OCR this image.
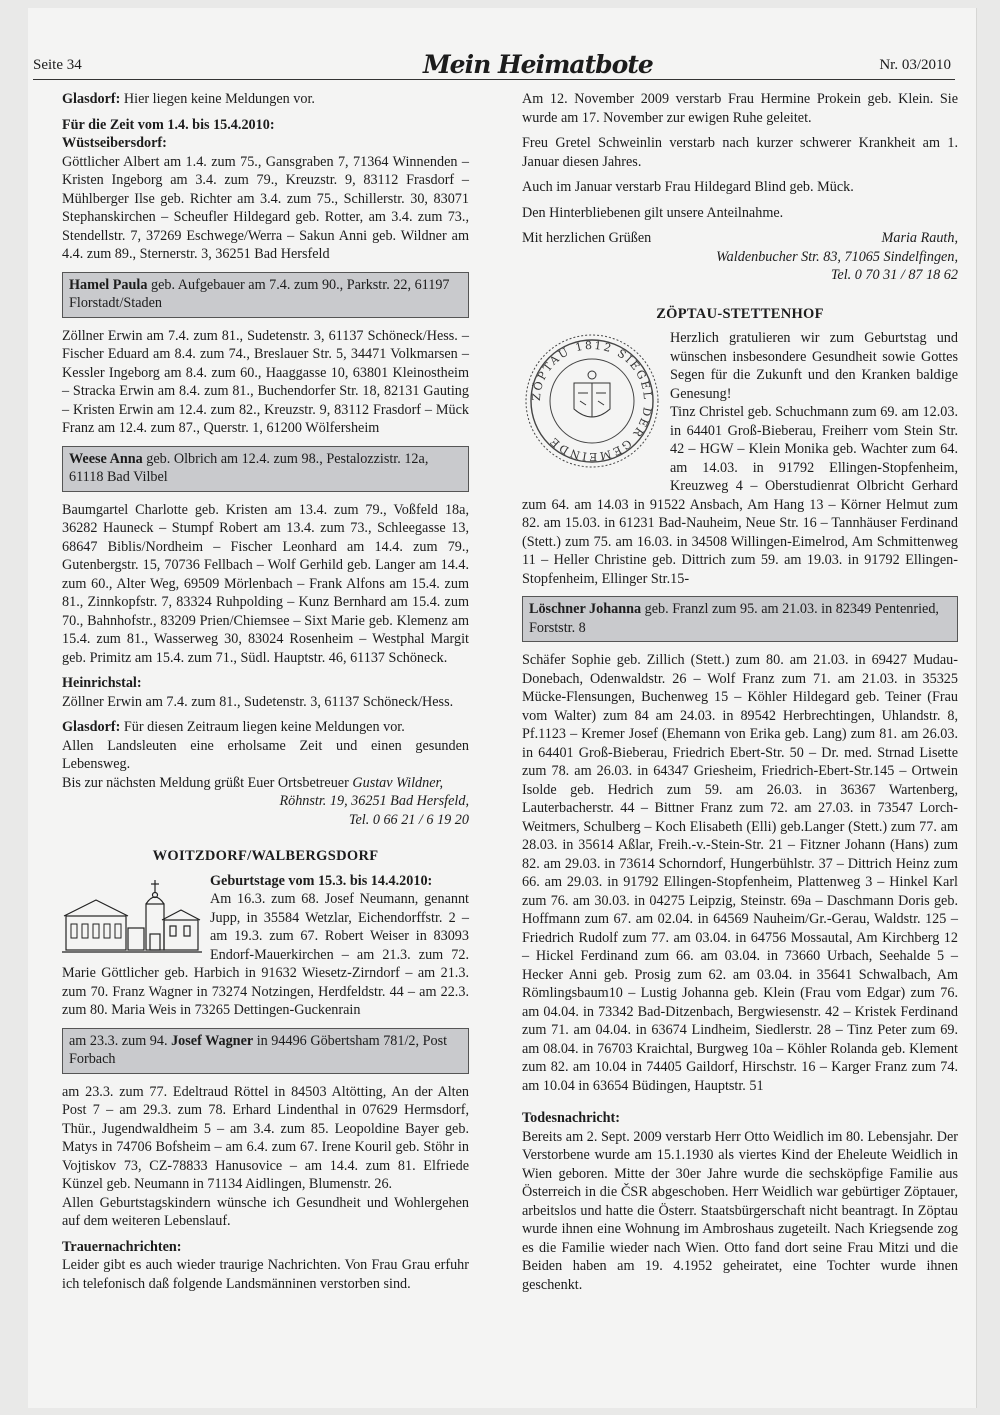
Seite 34	Mein Heimatbote	Nr. 03/2010

Glasdorf: Hier liegen keine Meldungen vor.

Für die Zeit vom 1.4. bis 15.4.2010:

Wüstseibersdorf:

Göttlicher Albert am 1.4. zum 75., Gansgraben 7, 71364 Winnenden – Kristen Ingeborg am 3.4. zum 79., Kreuzstr. 9, 83112 Frasdorf – Mühlberger Ilse geb. Richter am 3.4. zum 75., Schillerstr. 30, 83071 Stephanskirchen – Scheufler Hildegard geb. Rotter, am 3.4. zum 73., Stendellstr. 7, 37269 Eschwege/Werra – Sakun Anni geb. Wildner am 4.4. zum 89., Sternerstr. 3, 36251 Bad Hersfeld

Hamel Paula geb. Aufgebauer am 7.4. zum 90., Parkstr. 22, 61197 Florstadt/Staden

Zöllner Erwin am 7.4. zum 81., Sudetenstr. 3, 61137 Schöneck/Hess. – Fischer Eduard am 8.4. zum 74., Breslauer Str. 5, 34471 Volkmarsen – Kessler Ingeborg am 8.4. zum 60., Haaggasse 10, 63801 Kleinostheim – Stracka Erwin am 8.4. zum 81., Buchendorfer Str. 18, 82131 Gauting – Kristen Erwin am 12.4. zum 82., Kreuzstr. 9, 83112 Frasdorf – Mück Franz am 12.4. zum 87., Querstr. 1, 61200 Wölfersheim

Weese Anna geb. Olbrich am 12.4. zum 98., Pestalozzistr. 12a, 61118 Bad Vilbel

Baumgartel Charlotte geb. Kristen am 13.4. zum 79., Voßfeld 18a, 36282 Hauneck – Stumpf Robert am 13.4. zum 73., Schleegasse 13, 68647 Biblis/Nordheim – Fischer Leonhard am 14.4. zum 79., Gutenbergstr. 15, 70736 Fellbach – Wolf Gerhild geb. Langer am 14.4. zum 60., Alter Weg, 69509 Mörlenbach – Frank Alfons am 15.4. zum 81., Zinnkopfstr. 7, 83324 Ruhpolding – Kunz Bernhard am 15.4. zum 70., Bahnhofstr., 83209 Prien/Chiemsee – Sixt Marie geb. Klemenz am 15.4. zum 81., Wasserweg 30, 83024 Rosenheim – Westphal Margit geb. Primitz am 15.4. zum 71., Südl. Hauptstr. 46, 61137 Schöneck.

Heinrichstal:

Zöllner Erwin am 7.4. zum 81., Sudetenstr. 3, 61137 Schöneck/Hess.

Glasdorf: Für diesen Zeitraum liegen keine Meldungen vor.

Allen Landsleuten eine erholsame Zeit und einen gesunden Lebensweg.

Bis zur nächsten Meldung grüßt Euer Ortsbetreuer Gustav Wildner,

Röhnstr. 19, 36251 Bad Hersfeld,

Tel. 0 66 21 / 6 19 20

WOITZDORF/WALBERGSDORF

Geburtstage vom 15.3. bis 14.4.2010:

Am 16.3. zum 68. Josef Neumann, genannt Jupp, in 35584 Wetzlar, Eichendorffstr. 2 – am 19.3. zum 67. Robert Weiser in 83093 Endorf-Mauerkirchen – am 21.3. zum 72. Marie Göttlicher geb. Harbich in 91632 Wiesetz-Zirndorf – am 21.3. zum 70. Franz Wagner in 73274 Notzingen, Herdfeldstr. 44 – am 22.3. zum 80. Maria Weis in 73265 Dettingen-Guckenrain

am 23.3. zum 94. Josef Wagner in 94496 Göbertsham 781/2, Post Forbach

am 23.3. zum 77. Edeltraud Röttel in 84503 Altötting, An der Alten Post 7 – am 29.3. zum 78. Erhard Lindenthal in 07629 Hermsdorf, Thür., Jugendwaldheim 5 – am 3.4. zum 85. Leopoldine Bayer geb. Matys in 74706 Bofsheim – am 6.4. zum 67. Irene Kouril geb. Stöhr in Vojtiskov 73, CZ-78833 Hanusovice – am 14.4. zum 81. Elfriede Künzel geb. Neumann in 71134 Aidlingen, Blumenstr. 26.

Allen Geburtstagskindern wünsche ich Gesundheit und Wohlergehen auf dem weiteren Lebenslauf.

Trauernachrichten:

Leider gibt es auch wieder traurige Nachrichten. Von Frau Grau erfuhr ich telefonisch daß folgende Landsmänninen verstorben sind.

Am 12. November 2009 verstarb Frau Hermine Prokein geb. Klein. Sie wurde am 17. November zur ewigen Ruhe geleitet.

Freu Gretel Schweinlin verstarb nach kurzer schwerer Krankheit am 1. Januar diesen Jahres.

Auch im Januar verstarb Frau Hildegard Blind geb. Mück.

Den Hinterbliebenen gilt unsere Anteilnahme.

Mit herzlichen Grüßen	Maria Rauth,

Waldenbucher Str. 83, 71065 Sindelfingen,

Tel. 0 70 31 / 87 18 62

ZÖPTAU-STETTENHOF

ZÖPTAU 1812 SIEGEL DER GEMEINDE

Herzlich gratulieren wir zum Geburtstag und wünschen insbesondere Gesundheit sowie Gottes Segen für die Zukunft und den Kranken baldige Genesung!

Tinz Christel geb. Schuchmann zum 69. am 12.03. in 64401 Groß-Bieberau, Freiherr vom Stein Str. 42 – HGW – Klein Monika geb. Wachter zum 64. am 14.03. in 91792 Ellingen-Stopfenheim, Kreuzweg 4 – Oberstudienrat Olbricht Gerhard zum 64. am 14.03 in 91522 Ansbach, Am Hang 13 – Körner Helmut zum 82. am 15.03. in 61231 Bad-Nauheim, Neue Str. 16 – Tannhäuser Ferdinand (Stett.) zum 75. am 16.03. in 34508 Willingen-Eimelrod, Am Schmittenweg 11 – Heller Christine geb. Dittrich zum 59. am 19.03. in 91792 Ellingen-Stopfenheim, Ellinger Str.15-

Löschner Johanna geb. Franzl zum 95. am 21.03. in 82349 Pentenried, Forststr. 8

Schäfer Sophie geb. Zillich (Stett.) zum 80. am 21.03. in 69427 Mudau-Donebach, Odenwaldstr. 26 – Wolf Franz zum 71. am 21.03. in 35325 Mücke-Flensungen, Buchenweg 15 – Köhler Hildegard geb. Teiner (Frau vom Walter) zum 84 am 24.03. in 89542 Herbrechtingen, Uhlandstr. 8, Pf.1123 – Kremer Josef (Ehemann von Erika geb. Lang) zum 81. am 26.03. in 64401 Groß-Bieberau, Friedrich Ebert-Str. 50 – Dr. med. Strnad Lisette zum 78. am 26.03. in 64347 Griesheim, Friedrich-Ebert-Str.145 – Ortwein Isolde geb. Hedrich zum 59. am 26.03. in 36367 Wartenberg, Lauterbacherstr. 44 – Bittner Franz zum 72. am 27.03. in 73547 Lorch-Weitmers, Schulberg – Koch Elisabeth (Elli) geb.Langer (Stett.) zum 77. am 28.03. in 35614 Aßlar, Freih.-v.-Stein-Str. 21 – Fitzner Johann (Hans) zum 82. am 29.03. in 73614 Schorndorf, Hungerbühlstr. 37 – Dittrich Heinz zum 66. am 29.03. in 91792 Ellingen-Stopfenheim, Plattenweg 3 – Hinkel Karl zum 76. am 30.03. in 04275 Leipzig, Steinstr. 69a – Daschmann Doris geb. Hoffmann zum 67. am 02.04. in 64569 Nauheim/Gr.-Gerau, Waldstr. 125 – Friedrich Rudolf zum 77. am 03.04. in 64756 Mossautal, Am Kirchberg 12 – Hickel Ferdinand zum 66. am 03.04. in 73660 Urbach, Seehalde 5 – Hecker Anni geb. Prosig zum 62. am 03.04. in 35641 Schwalbach, Am Römlingsbaum10 – Lustig Johanna geb. Klein (Frau vom Edgar) zum 76. am 04.04. in 73342 Bad-Ditzenbach, Bergwiesenstr. 42 – Kristek Ferdinand zum 71. am 04.04. in 63674 Lindheim, Siedlerstr. 28 – Tinz Peter zum 69. am 08.04. in 76703 Kraichtal, Burgweg 10a – Köhler Rolanda geb. Klement zum 82. am 10.04 in 74405 Gaildorf, Hirschstr. 16 – Karger Franz zum 74. am 10.04 in 63654 Büdingen, Hauptstr. 51

Todesnachricht:

Bereits am 2. Sept. 2009 verstarb Herr Otto Weidlich im 80. Lebensjahr. Der Verstorbene wurde am 15.1.1930 als viertes Kind der Eheleute Weidlich in Wien geboren. Mitte der 30er Jahre wurde die sechsköpfige Familie aus Österreich in die ČSR abgeschoben. Herr Weidlich war gebürtiger Zöptauer, arbeitslos und hatte die Österr. Staatsbürgerschaft nicht beantragt. In Zöptau wurde ihnen eine Wohnung im Ambroshaus zugeteilt. Nach Kriegsende zog es die Familie wieder nach Wien. Otto fand dort seine Frau Mitzi und die Beiden haben am 19. 4.1952 geheiratet, eine Tochter wurde ihnen geschenkt.
